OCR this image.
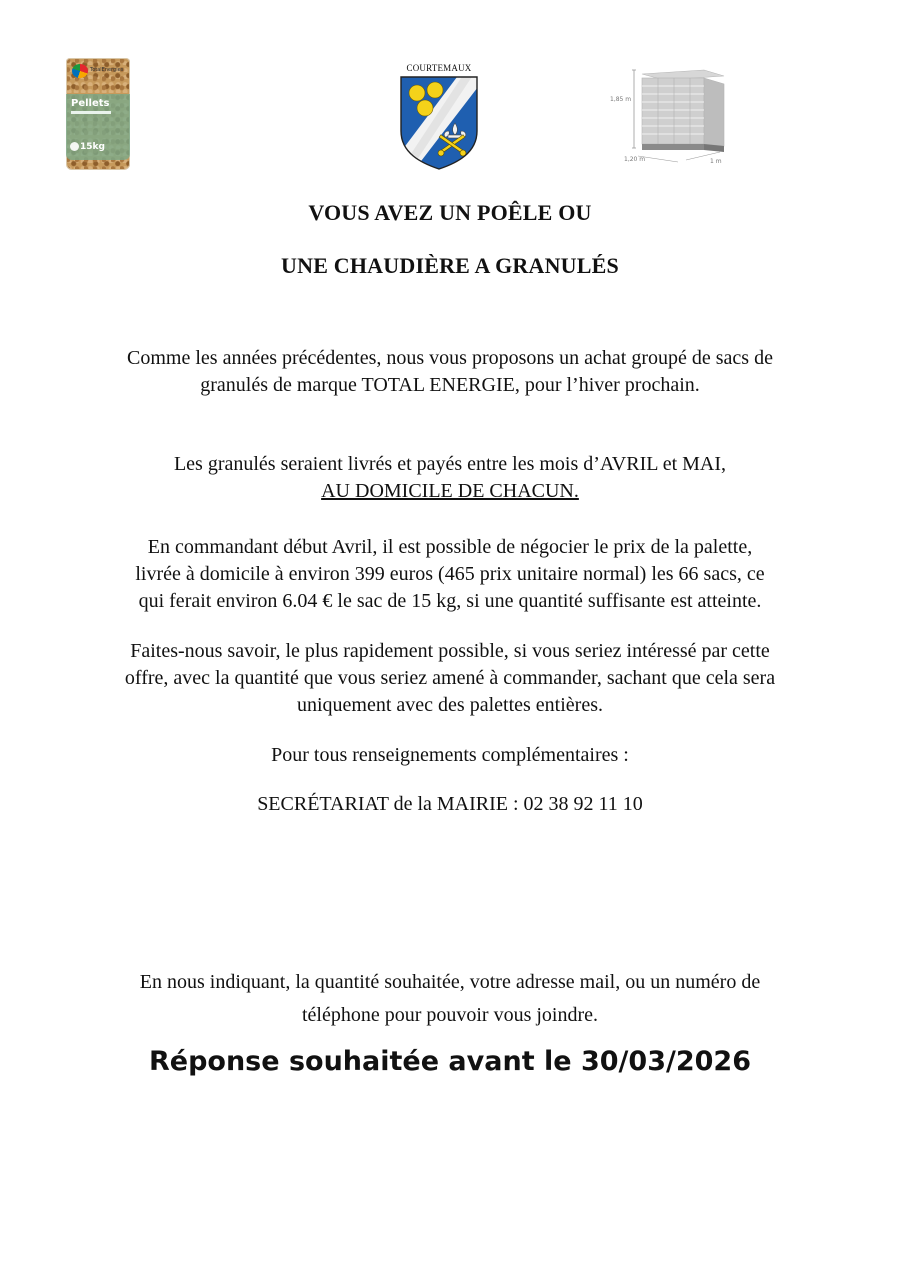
TotalEnergies
Pellets
15kg
COURTEMAUX
1,85 m
1,20 m	1 m
VOUS AVEZ UN POÊLE OU
UNE CHAUDIÈRE A GRANULÉS
Comme les années précédentes, nous vous proposons un achat groupé de sacs de
granulés de marque TOTAL ENERGIE, pour l’hiver prochain.
Les granulés seraient livrés et payés entre les mois d’AVRIL et MAI,
AU DOMICILE DE CHACUN.
En commandant début Avril, il est possible de négocier le prix de la palette,
livrée à domicile à environ 399 euros (465 prix unitaire normal) les 66 sacs, ce
qui ferait environ 6.04 € le sac de 15 kg, si une quantité suffisante est atteinte.
Faites-nous savoir, le plus rapidement possible, si vous seriez intéressé par cette
offre, avec la quantité que vous seriez amené à commander, sachant que cela sera
uniquement avec des palettes entières.
Pour tous renseignements complémentaires :
SECRÉTARIAT de la MAIRIE : 02 38 92 11 10
En nous indiquant, la quantité souhaitée, votre adresse mail, ou un numéro de
téléphone pour pouvoir vous joindre.
Réponse souhaitée avant le 30/03/2026
